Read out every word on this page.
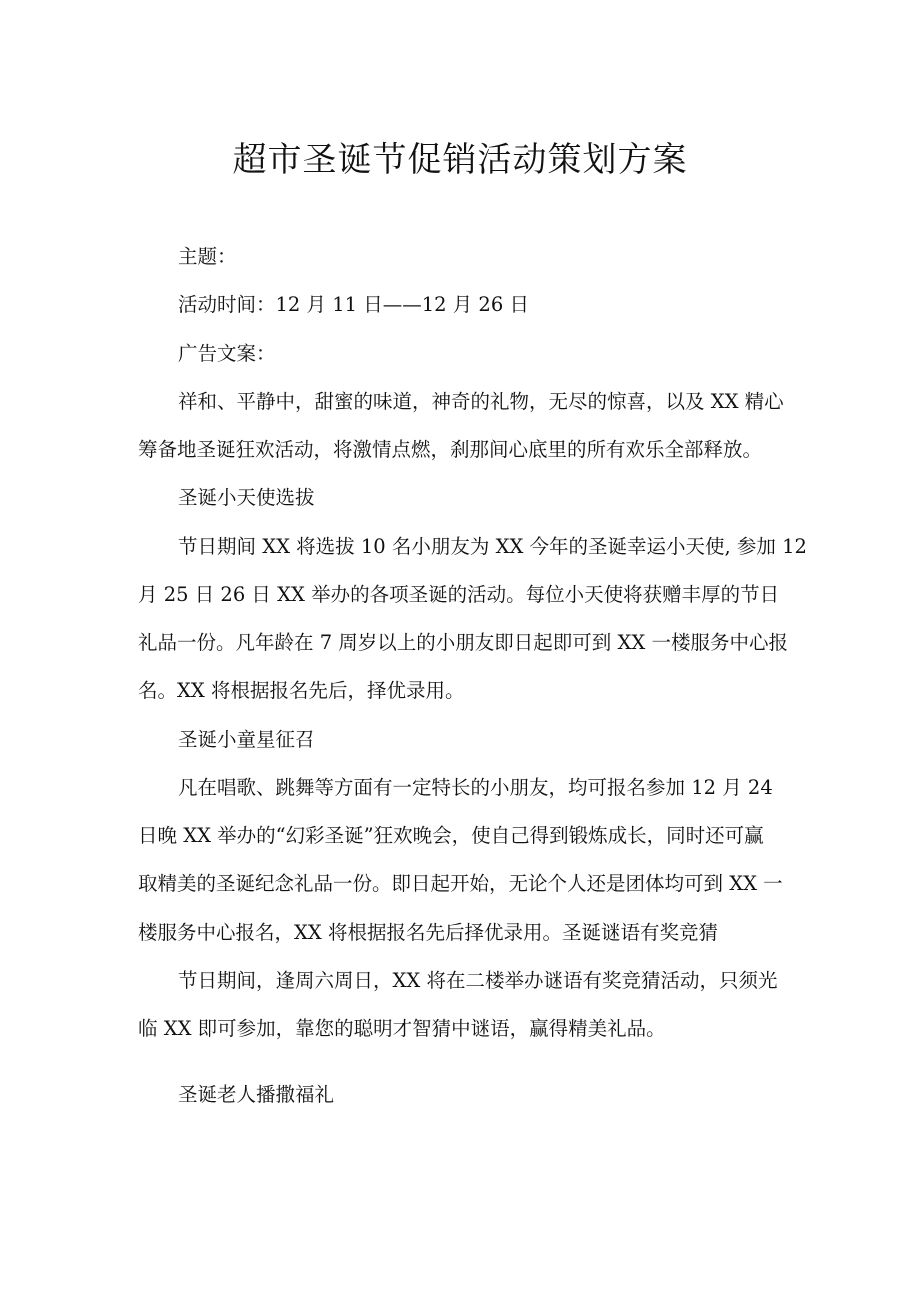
超市圣诞节促销活动策划方案

主题：

活动时间：12 月 11 日——12 月 26 日

广告文案：

祥和、平静中，甜蜜的味道，神奇的礼物，无尽的惊喜，以及 XX 精心

筹备地圣诞狂欢活动，将激情点燃，刹那间心底里的所有欢乐全部释放。

圣诞小天使选拔

节日期间 XX 将选拔 10 名小朋友为 XX 今年的圣诞幸运小天使, 参加 12

月 25 日 26 日 XX 举办的各项圣诞的活动。每位小天使将获赠丰厚的节日

礼品一份。凡年龄在 7 周岁以上的小朋友即日起即可到 XX 一楼服务中心报

名。XX 将根据报名先后，择优录用。

圣诞小童星征召

凡在唱歌、跳舞等方面有一定特长的小朋友，均可报名参加 12 月 24

日晚 XX 举办的“幻彩圣诞”狂欢晚会，使自己得到锻炼成长，同时还可赢

取精美的圣诞纪念礼品一份。即日起开始，无论个人还是团体均可到 XX 一

楼服务中心报名，XX 将根据报名先后择优录用。圣诞谜语有奖竞猜

节日期间，逢周六周日，XX 将在二楼举办谜语有奖竞猜活动，只须光

临 XX 即可参加，靠您的聪明才智猜中谜语，赢得精美礼品。

圣诞老人播撒福礼
